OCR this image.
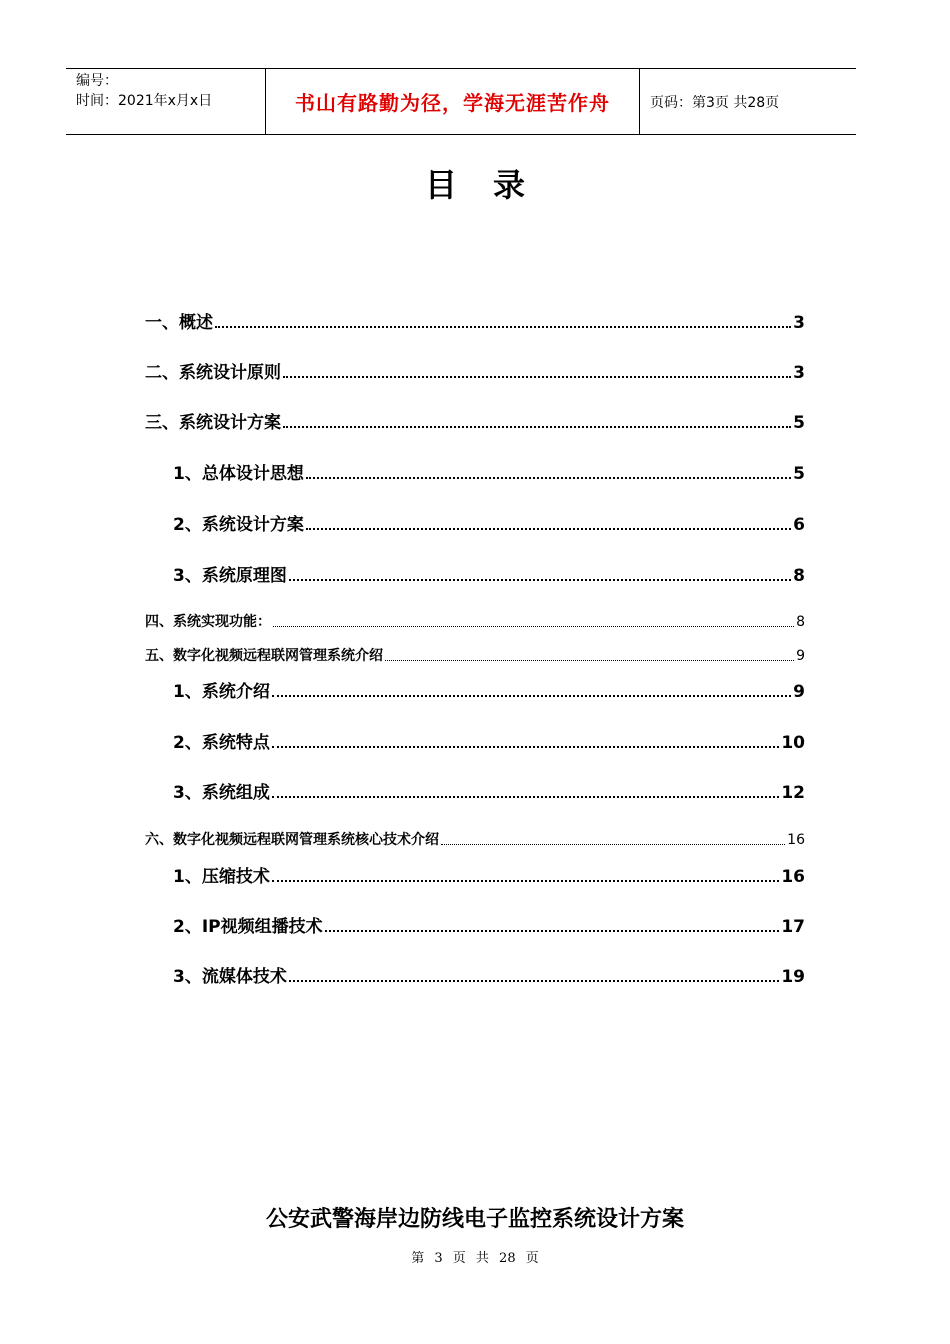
编号：
时间：2021年x月x日	书山有路勤为径，学海无涯苦作舟	页码：第3页 共28页
目录
一、概述	3
二、系统设计原则	3
三、系统设计方案	5
1、总体设计思想	5
2、系统设计方案	6
3、系统原理图	8
四、系统实现功能：	8
五、数字化视频远程联网管理系统介绍	9
1、系统介绍	9
2、系统特点	10
3、系统组成	12
六、数字化视频远程联网管理系统核心技术介绍	16
1、压缩技术	16
2、IP视频组播技术	17
3、流媒体技术	19
公安武警海岸边防线电子监控系统设计方案
第 3 页 共 28 页
